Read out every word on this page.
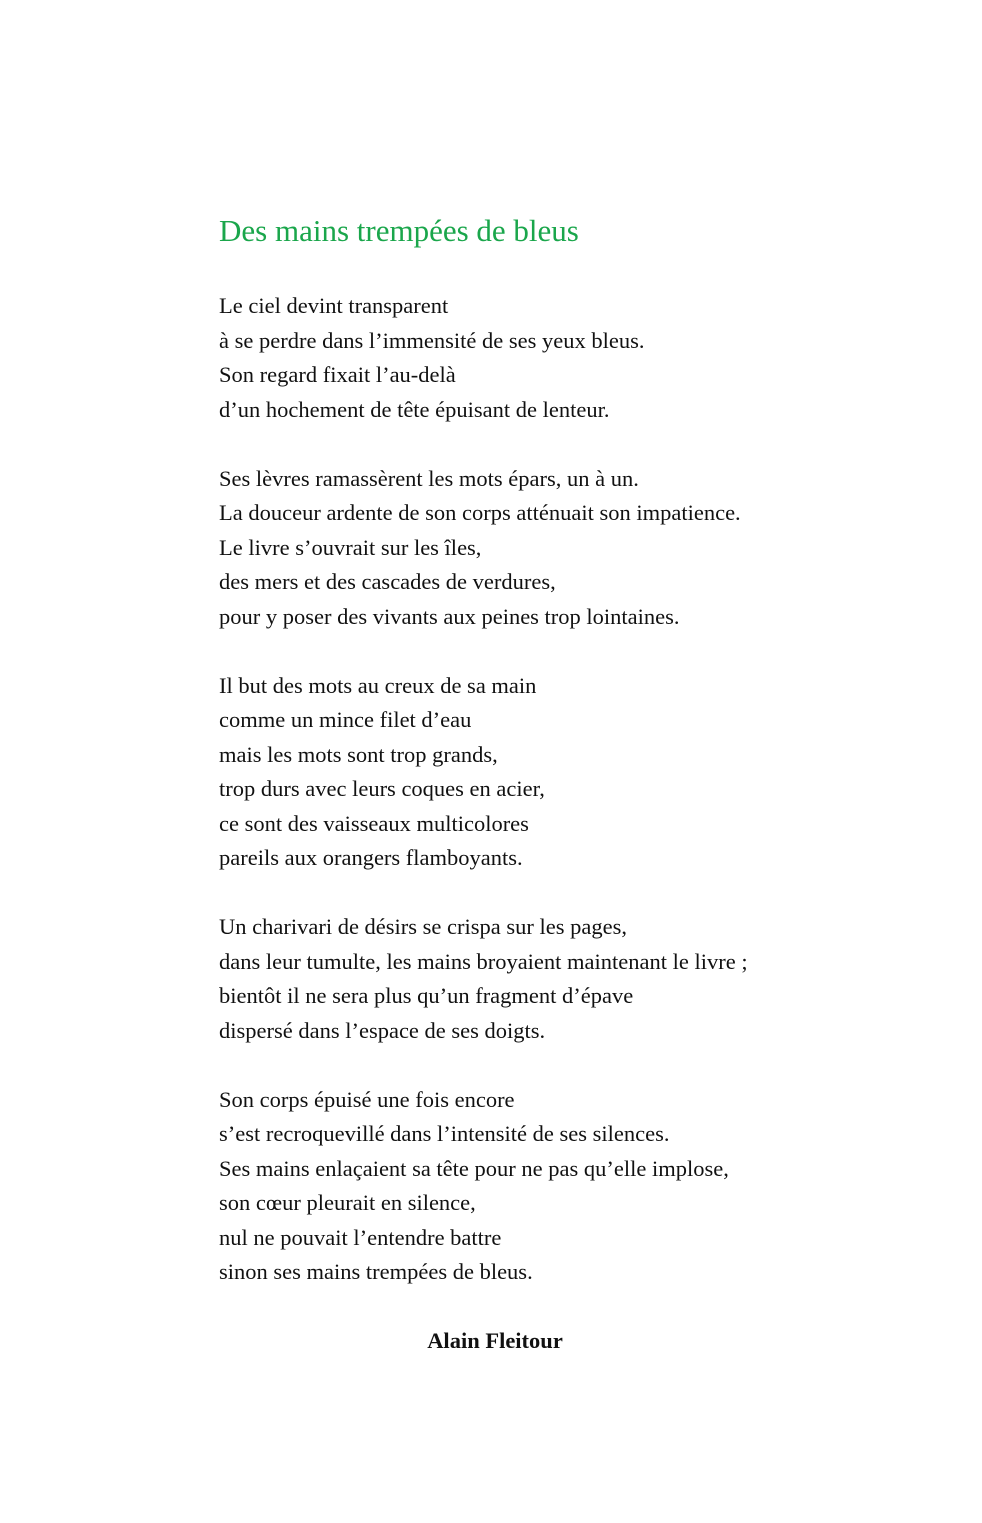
Des mains trempées de bleus
Le ciel devint transparent
à se perdre dans l’immensité de ses yeux bleus.
Son regard fixait l’au-delà
d’un hochement de tête épuisant de lenteur.
Ses lèvres ramassèrent les mots épars, un à un.
La douceur ardente de son corps atténuait son impatience.
Le livre s’ouvrait sur les îles,
des mers et des cascades de verdures,
pour y poser des vivants aux peines trop lointaines.
Il but des mots au creux de sa main
comme un mince filet d’eau
mais les mots sont trop grands,
trop durs avec leurs coques en acier,
ce sont des vaisseaux multicolores
pareils aux orangers flamboyants.
Un charivari de désirs se crispa sur les pages,
dans leur tumulte, les mains broyaient maintenant le livre ;
bientôt il ne sera plus qu’un fragment d’épave
dispersé dans l’espace de ses doigts.
Son corps épuisé une fois encore
s’est recroquevillé dans l’intensité de ses silences.
Ses mains enlaçaient sa tête pour ne pas qu’elle implose,
son cœur pleurait en silence,
nul ne pouvait l’entendre battre
sinon ses mains trempées de bleus.
Alain Fleitour
